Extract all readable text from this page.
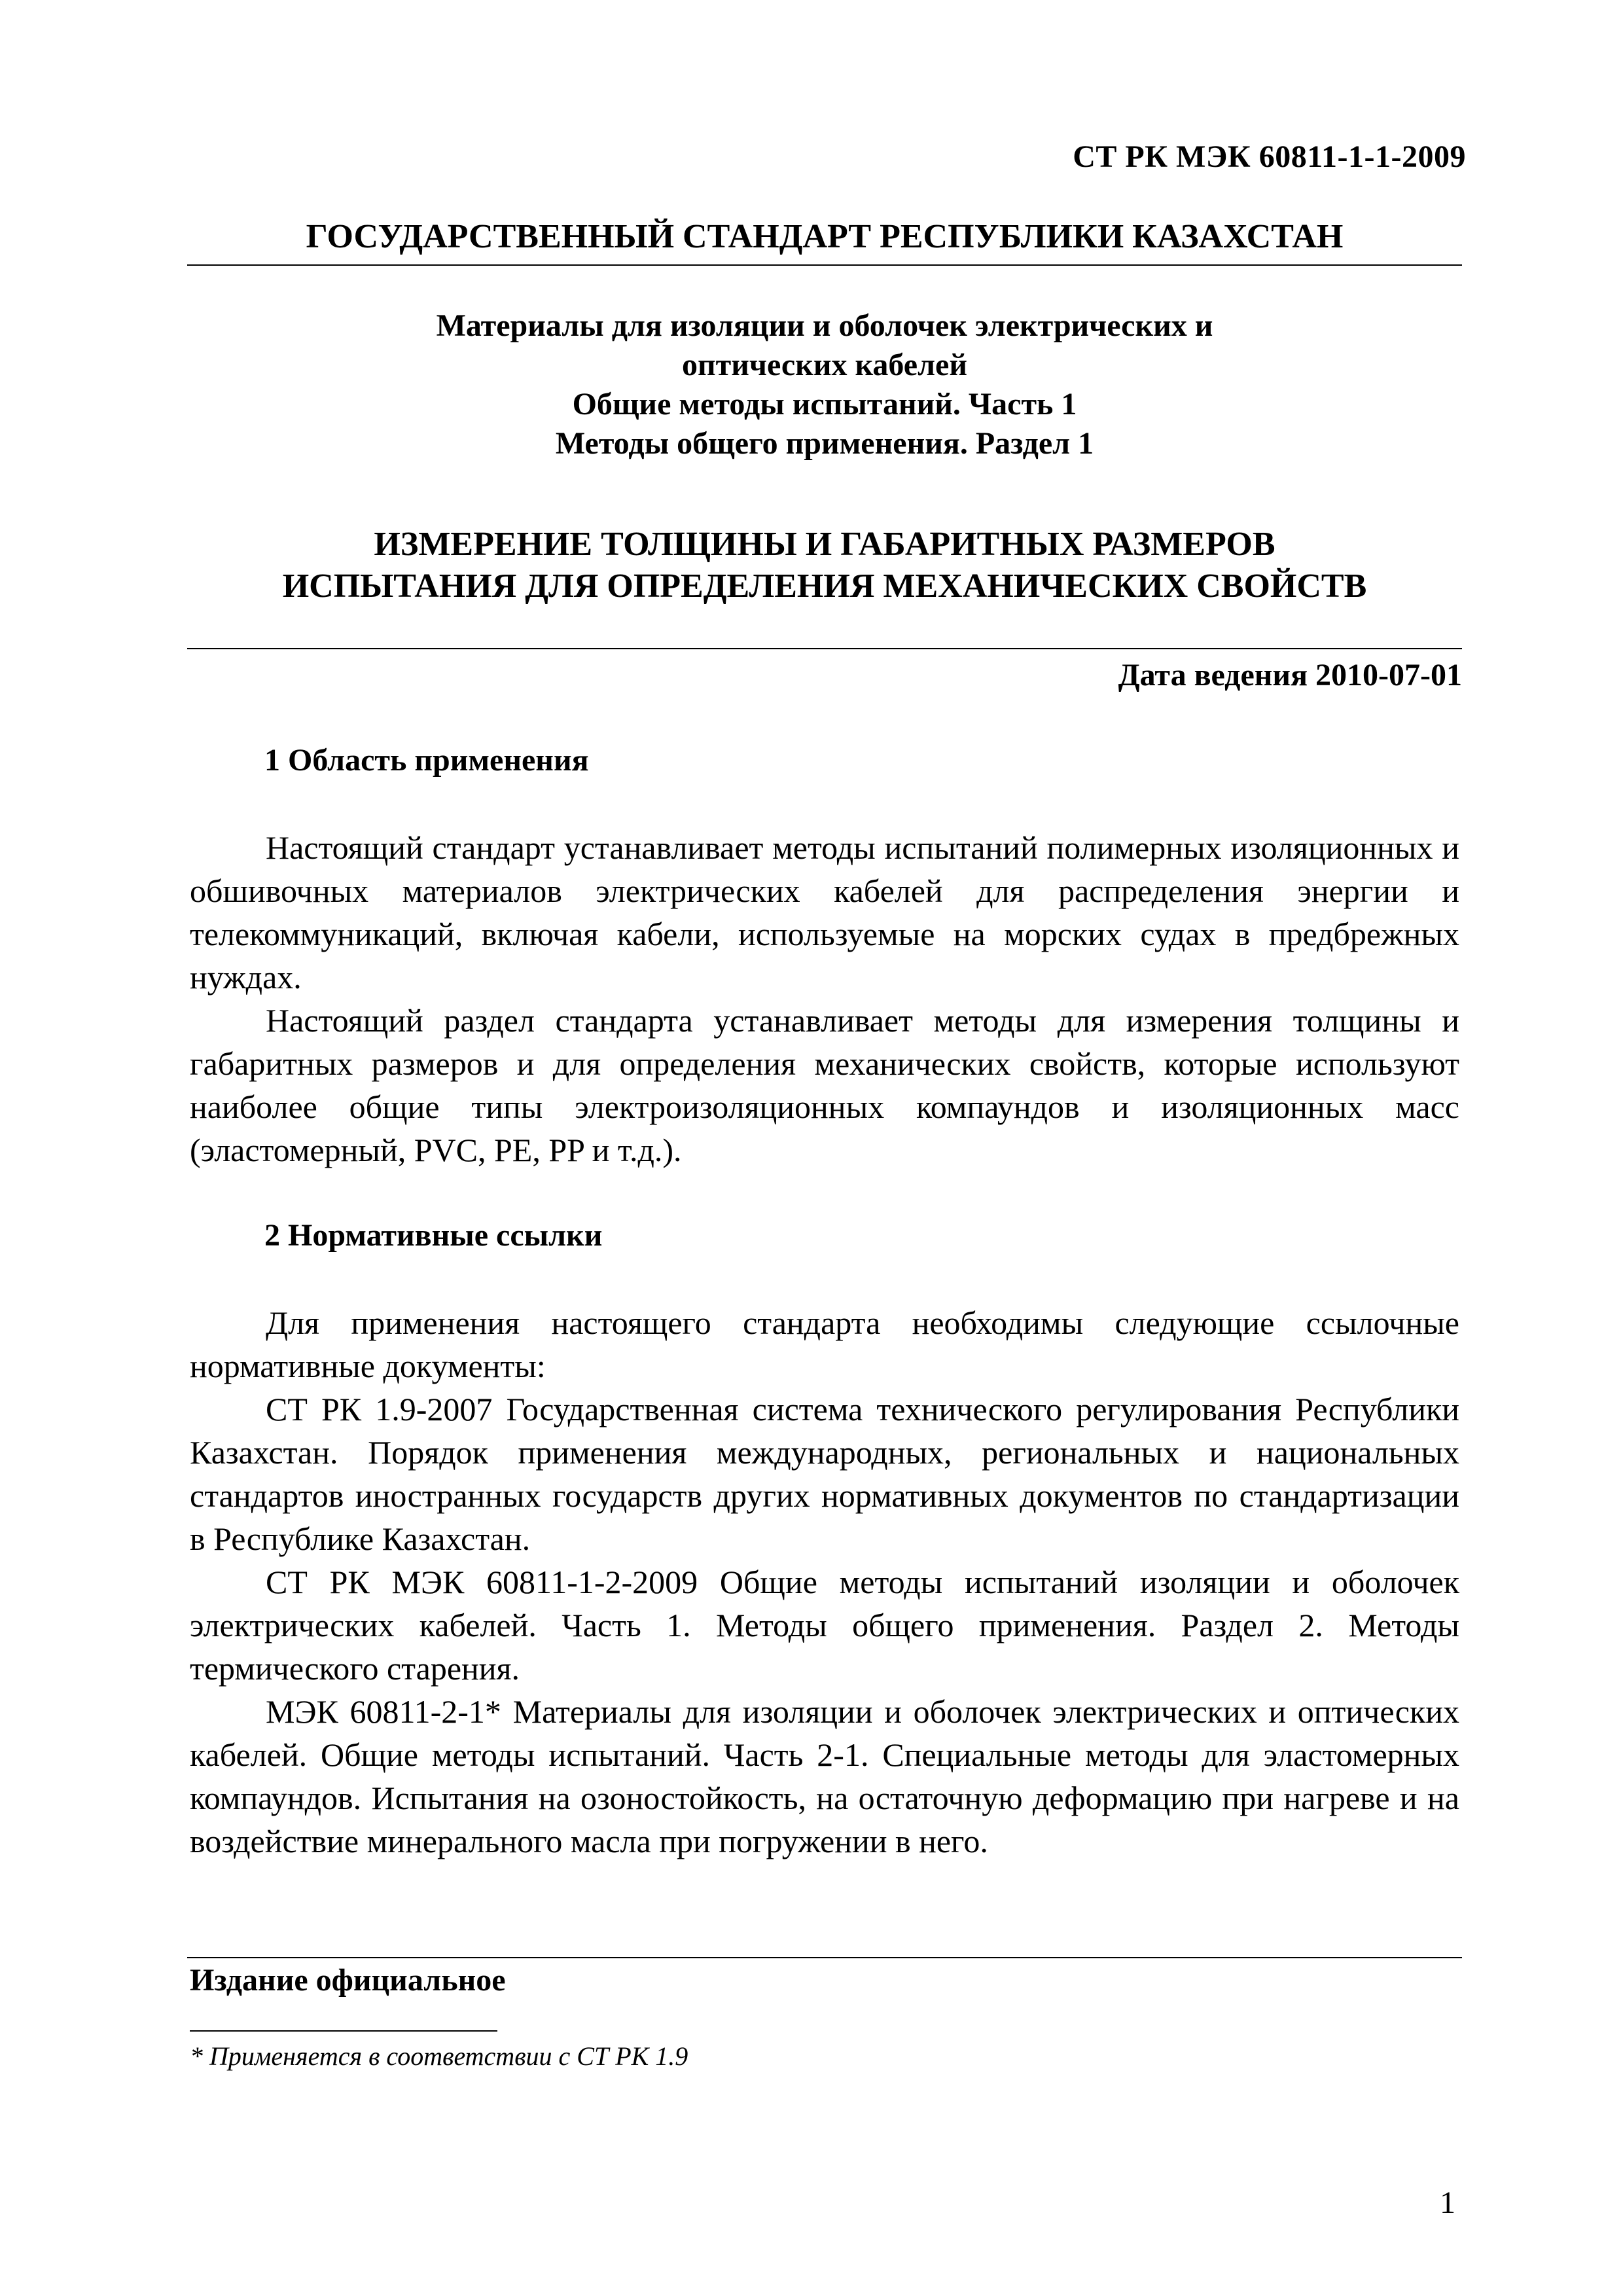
СТ РК МЭК 60811-1-1-2009
ГОСУДАРСТВЕННЫЙ СТАНДАРТ РЕСПУБЛИКИ КАЗАХСТАН
Материалы для изоляции и оболочек электрических и
оптических кабелей
Общие методы испытаний. Часть 1
Методы общего применения. Раздел 1
ИЗМЕРЕНИЕ ТОЛЩИНЫ И ГАБАРИТНЫХ РАЗМЕРОВ
ИСПЫТАНИЯ ДЛЯ ОПРЕДЕЛЕНИЯ МЕХАНИЧЕСКИХ СВОЙСТВ
Дата ведения 2010-07-01
1 Область применения

Настоящий стандарт устанавливает методы испытаний полимерных изоляционных и обшивочных материалов электрических кабелей для распределения энергии и телекоммуникаций, включая кабели, используемые на морских судах в предбрежных нуждах.

Настоящий раздел стандарта устанавливает методы для измерения толщины и габаритных размеров и для определения механических свойств, которые используют наиболее общие типы электроизоляционных компаундов и изоляционных масс (эластомерный, PVC, PE, PP и т.д.).

2 Нормативные ссылки

Для применения настоящего стандарта необходимы следующие ссылочные нормативные документы:

СТ РК 1.9-2007 Государственная система технического регулирования Республики Казахстан. Порядок применения международных, региональных и национальных стандартов иностранных государств других нормативных документов по стандартизации в Республике Казахстан.

СТ РК МЭК 60811-1-2-2009 Общие методы испытаний изоляции и оболочек электрических кабелей. Часть 1. Методы общего применения. Раздел 2. Методы термического старения.

МЭК 60811-2-1* Материалы для изоляции и оболочек электрических и оптических кабелей. Общие методы испытаний. Часть 2-1. Специальные методы для эластомерных компаундов. Испытания на озоностойкость, на остаточную деформацию при нагреве и на воздействие минерального масла при погружении в него.

Издание официальное
* Применяется в соответствии с СТ РК 1.9
1
